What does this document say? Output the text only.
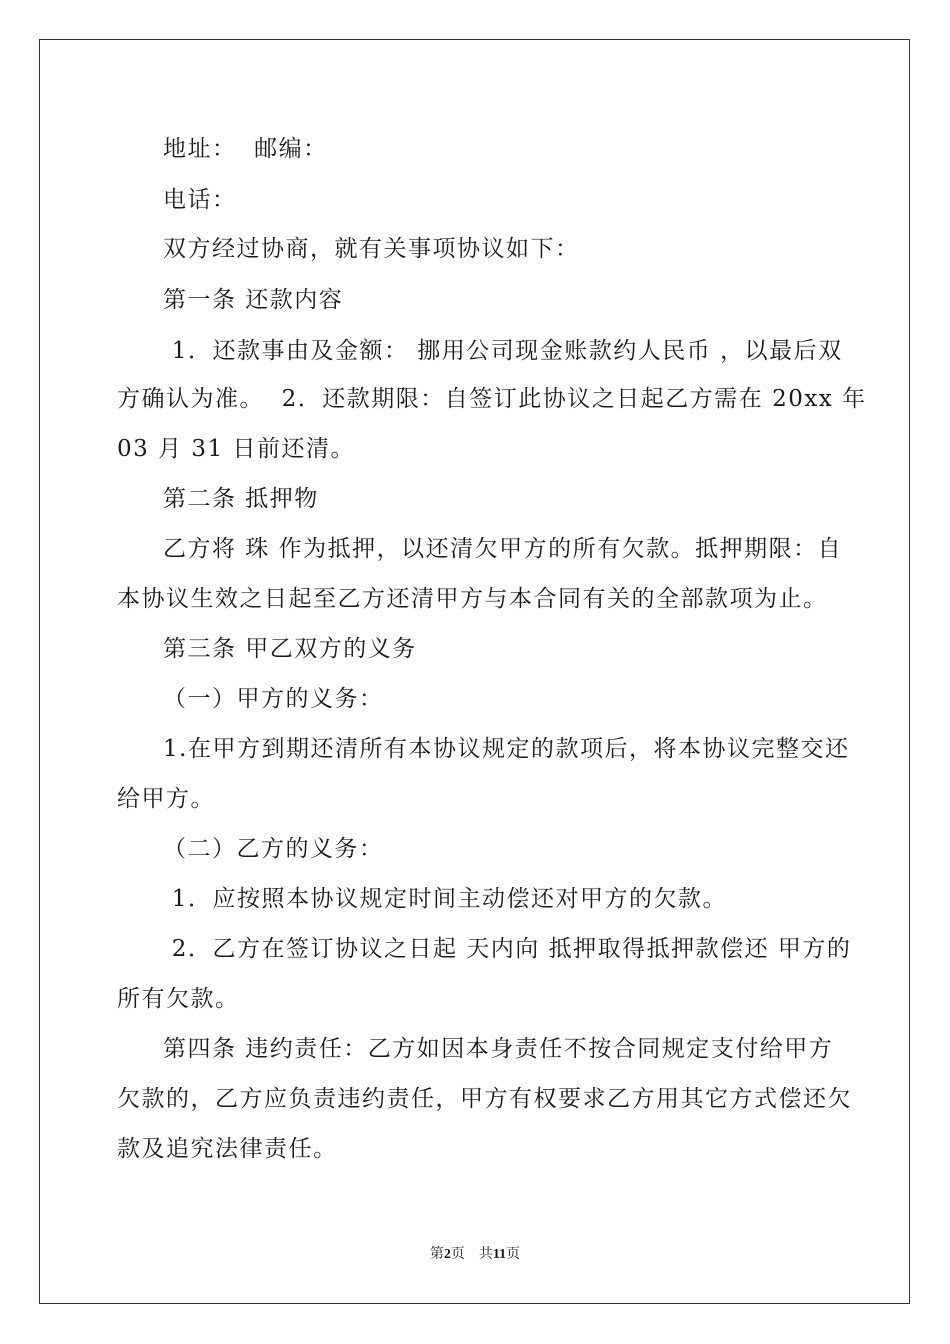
地址：  邮编：
电话：
双方经过协商，就有关事项协议如下：
第一条 还款内容
1．还款事由及金额： 挪用公司现金账款约人民币 ，以最后双
方确认为准。  2．还款期限：自签订此协议之日起乙方需在 20xx 年
03 月 31 日前还清。
第二条 抵押物
乙方将 珠 作为抵押，以还清欠甲方的所有欠款。抵押期限：自
本协议生效之日起至乙方还清甲方与本合同有关的全部款项为止。
第三条 甲乙双方的义务
（一）甲方的义务：
1.在甲方到期还清所有本协议规定的款项后，将本协议完整交还
给甲方。
（二）乙方的义务：
1．应按照本协议规定时间主动偿还对甲方的欠款。
2．乙方在签订协议之日起 天内向 抵押取得抵押款偿还 甲方的
所有欠款。
第四条 违约责任：乙方如因本身责任不按合同规定支付给甲方
欠款的，乙方应负责违约责任，甲方有权要求乙方用其它方式偿还欠
款及追究法律责任。
第2页　共11页
